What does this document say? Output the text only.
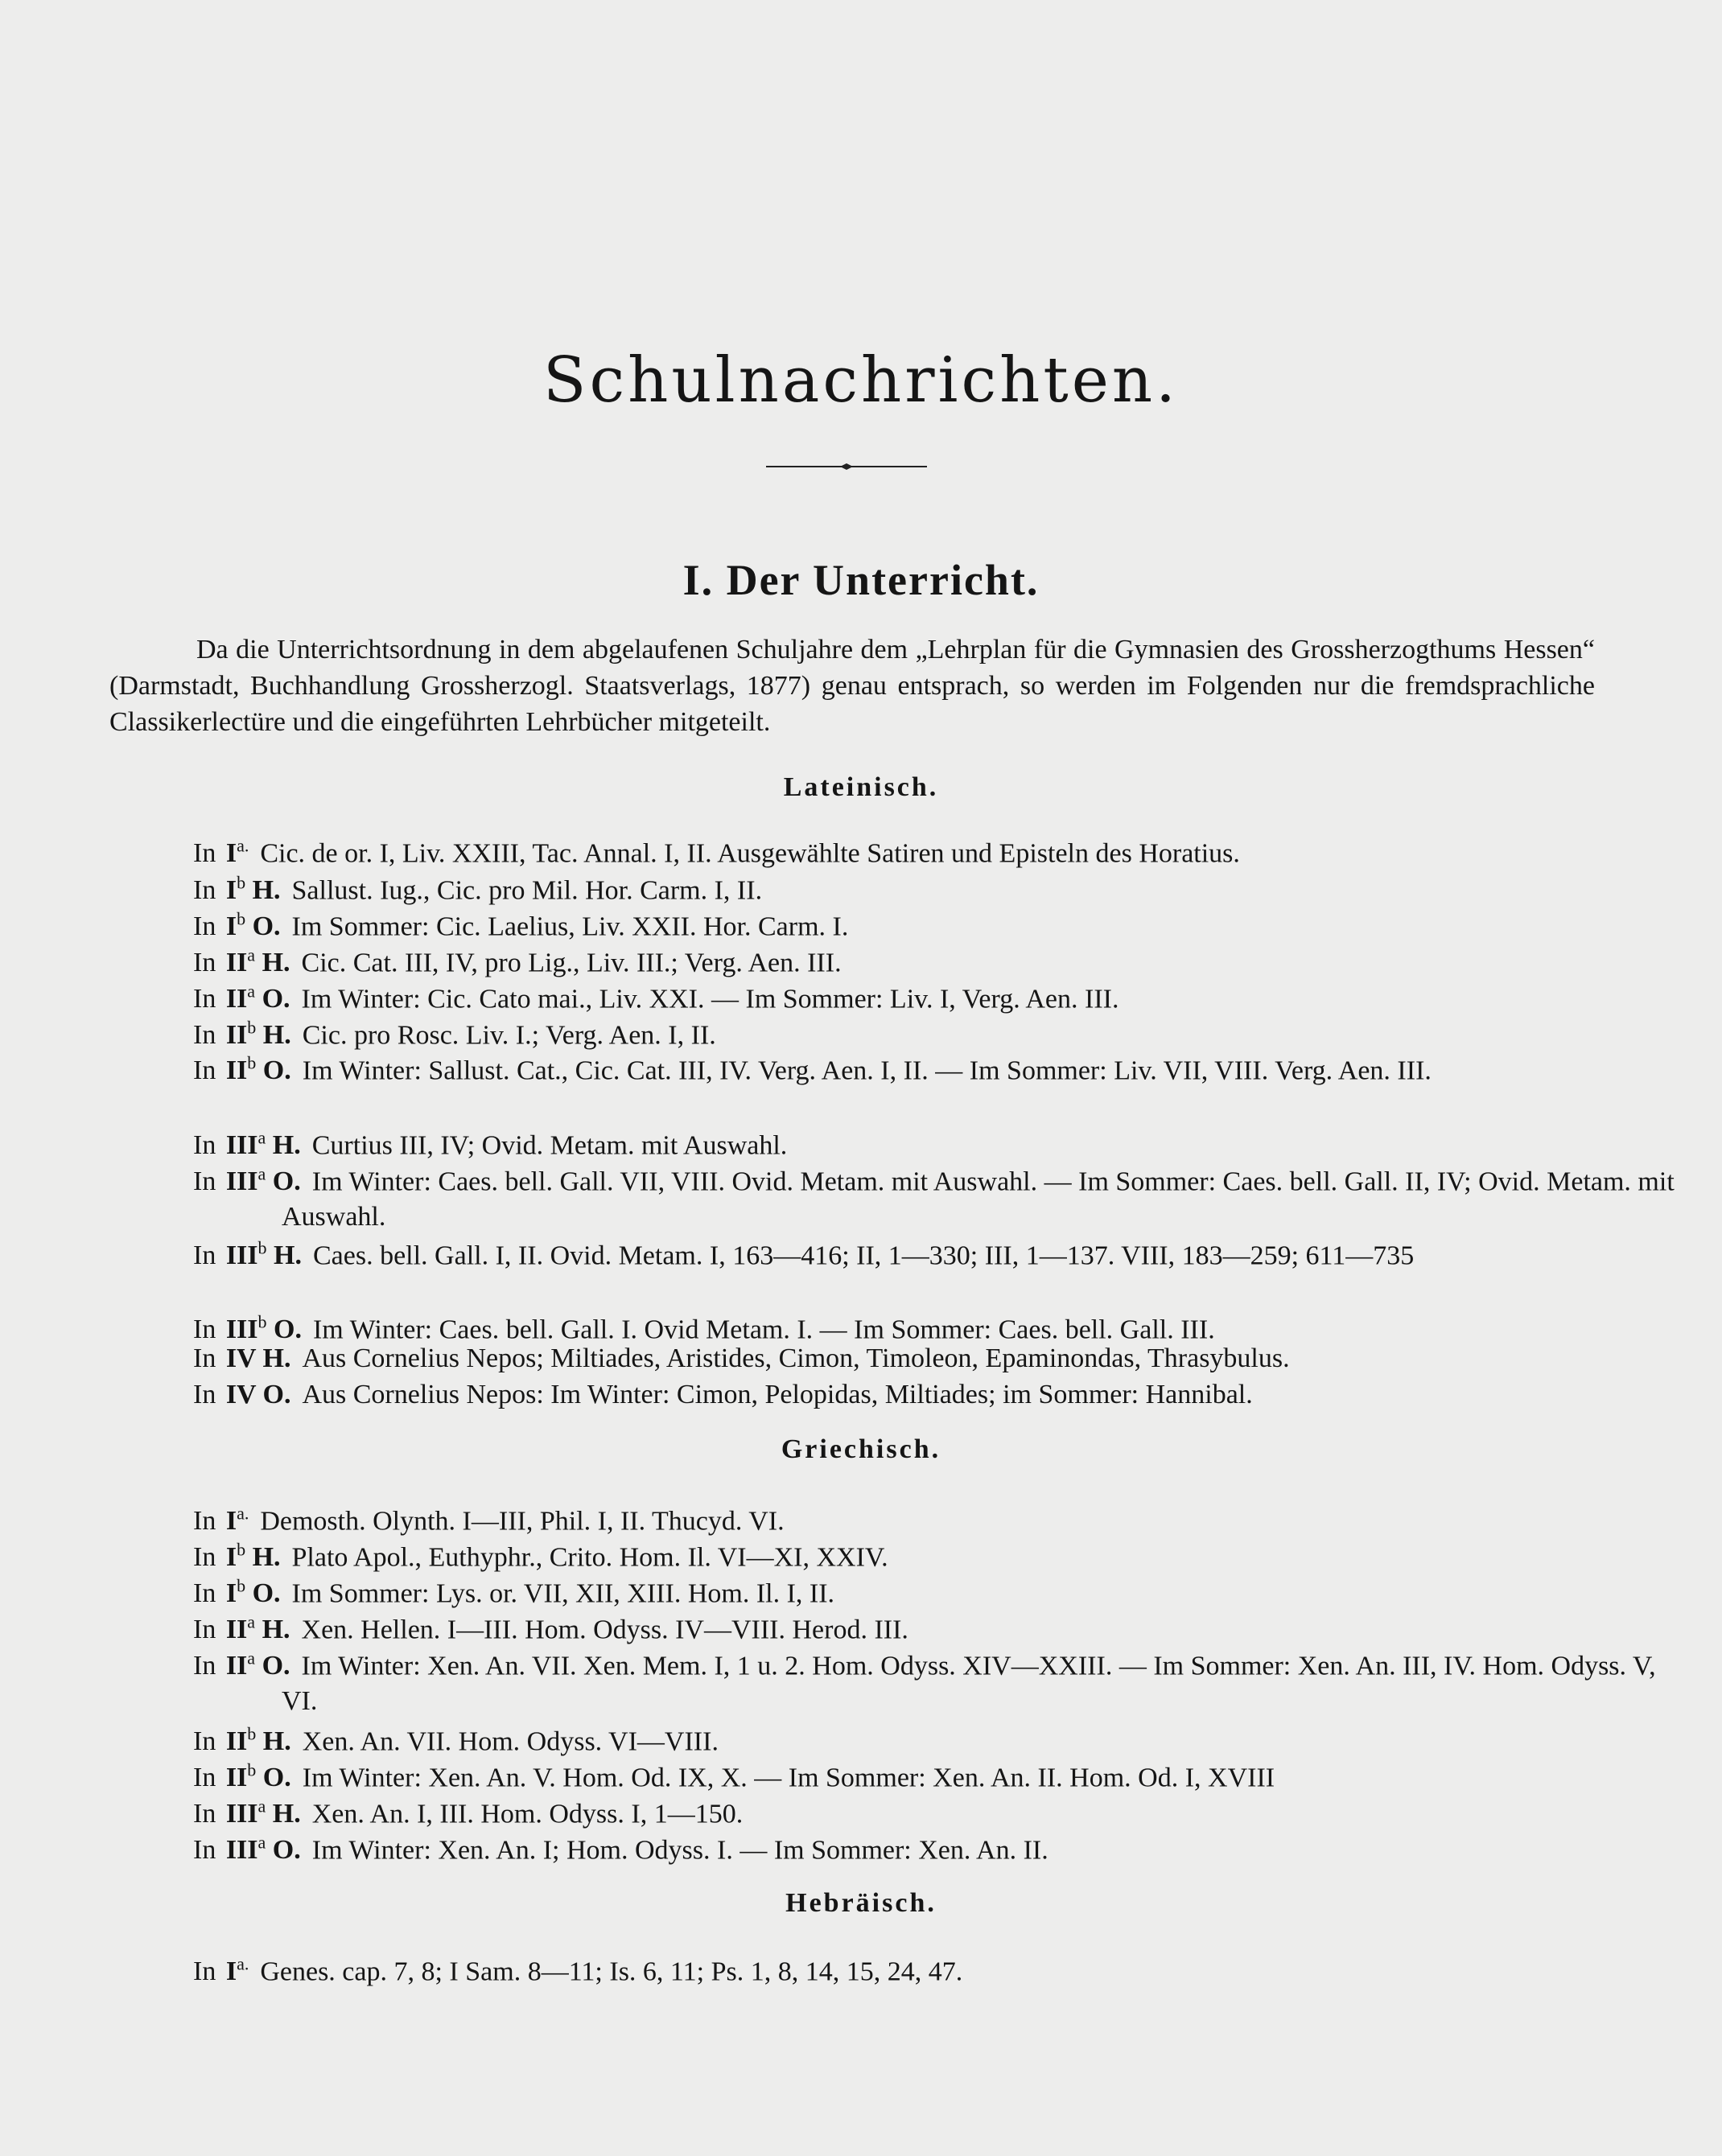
Schulnachrichten.
I. Der Unterricht.

Da die Unterrichtsordnung in dem abgelaufenen Schuljahre dem „Lehrplan für die Gymnasien des Grossherzogthums Hessen“ (Darmstadt, Buchhandlung Grossherzogl. Staatsverlags, 1877) genau entsprach, so werden im Folgenden nur die fremdsprachliche Classikerlectüre und die eingeführten Lehrbücher mitgeteilt.

Lateinisch.
In $I^{a.}$ Cic. de or. I, Liv. XXIII, Tac. Annal. I, II. Ausgewählte Satiren und Episteln des Horatius.
In $I^b$ H. Sallust. Iug., Cic. pro Mil. Hor. Carm. I, II.
In $I^b$ O. Im Sommer: Cic. Laelius, Liv. XXII. Hor. Carm. I.
In $II^a$ H. Cic. Cat. III, IV, pro Lig., Liv. III.; Verg. Aen. III.
In $II^a$ O. Im Winter: Cic. Cato mai., Liv. XXI. — Im Sommer: Liv. I, Verg. Aen. III.
In $II^b$ H. Cic. pro Rosc. Liv. I.; Verg. Aen. I, II.
In $II^b$ O. Im Winter: Sallust. Cat., Cic. Cat. III, IV. Verg. Aen. I, II. — Im Sommer: Liv. VII, VIII. Verg. Aen. III.
In III$^a$ H. Curtius III, IV; Ovid. Metam. mit Auswahl.
In III$^a$ O. Im Winter: Caes. bell. Gall. VII, VIII. Ovid. Metam. mit Auswahl. — Im Sommer: Caes. bell. Gall. II, IV; Ovid. Metam. mit Auswahl.
In III$^b$ H. Caes. bell. Gall. I, II. Ovid. Metam. I, 163—416; II, 1—330; III, 1—137. VIII, 183—259; 611—735
In III$^b$ O. Im Winter: Caes. bell. Gall. I. Ovid Metam. I. — Im Sommer: Caes. bell. Gall. III.
In IV H. Aus Cornelius Nepos; Miltiades, Aristides, Cimon, Timoleon, Epaminondas, Thrasybulus.
In IV O. Aus Cornelius Nepos: Im Winter: Cimon, Pelopidas, Miltiades; im Sommer: Hannibal.
Griechisch.
In $I^{a.}$ Demosth. Olynth. I—III, Phil. I, II. Thucyd. VI.
In $I^b$ H. Plato Apol., Euthyphr., Crito. Hom. Il. VI—XI, XXIV.
In $I^b$ O. Im Sommer: Lys. or. VII, XII, XIII. Hom. Il. I, II.
In $II^a$ H. Xen. Hellen. I—III. Hom. Odyss. IV—VIII. Herod. III.
In $II^a$ O. Im Winter: Xen. An. VII. Xen. Mem. I, 1 u. 2. Hom. Odyss. XIV—XXIII. — Im Sommer: Xen. An. III, IV. Hom. Odyss. V, VI.
In $II^b$ H. Xen. An. VII. Hom. Odyss. VI—VIII.
In $II^b$ O. Im Winter: Xen. An. V. Hom. Od. IX, X. — Im Sommer: Xen. An. II. Hom. Od. I, XVIII
In III$^a$ H. Xen. An. I, III. Hom. Odyss. I, 1—150.
In III$^a$ O. Im Winter: Xen. An. I; Hom. Odyss. I. — Im Sommer: Xen. An. II.
Hebräisch.
In $I^{a.}$ Genes. cap. 7, 8; I Sam. 8—11; Is. 6, 11; Ps. 1, 8, 14, 15, 24, 47.
